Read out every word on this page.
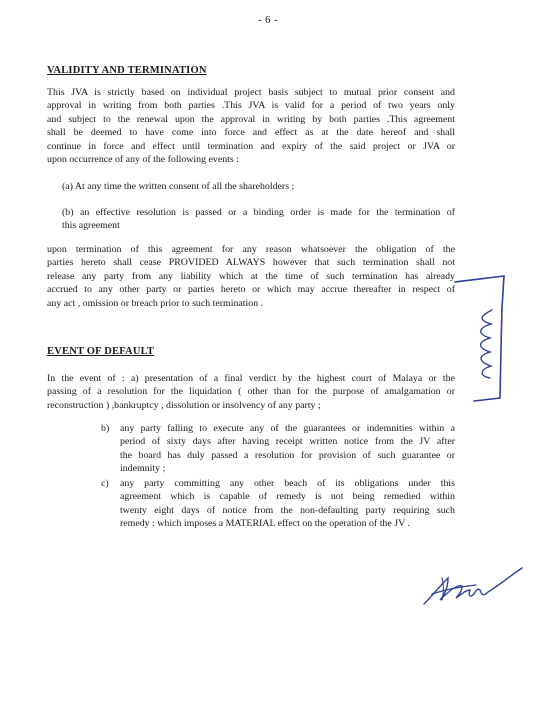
- 6 -
VALIDITY AND TERMINATION
This JVA is strictly based on individual project basis subject to mutual prior consent and
approval in writing from both parties .This JVA is valid for a period of two years only
and subject to the renewal upon the approval in writing by both parties .This agreement
shall be deemed to have come into force and effect as at the date hereof and shall
continue in force and effect until termination and expiry of the said project or JVA or
upon occurrence of any of the following events :
(a) At any time the written consent of all the shareholders ;
(b) an effective resolution is passed or a binding order is made for the termination of
this agreement
upon termination of this agreement for any reason whatsoever the obligation of the
parties hereto shall cease PROVIDED ALWAYS however that such termination shall not
release any party from any liability which at the time of such termination has already
accrued to any other party or parties hereto or which may accrue thereafter in respect of
any act , omission or breach prior to such termination .
EVENT OF DEFAULT
In the event of : a) presentation of a final verdict by the highest court of Malaya or the
passing of a resolution for the liquidation ( other than for the purpose of amalgamation or
reconstruction ) ,bankruptcy , dissolution or insolvency of any party ;
b) any party falling to execute any of the guarantees or indemnities within a
period of sixty days after having receipt written notice from the JV after
the board has duly passed a resolution for provision of such guarantee or
indemnity ;
c) any party committing any other beach of its obligations under this
agreement which is capable of remedy is not being remedied within
twenty eight days of notice from the non-defaulting party requiring such
remedy : which imposes a MATERIAL effect on the operation of the JV .
